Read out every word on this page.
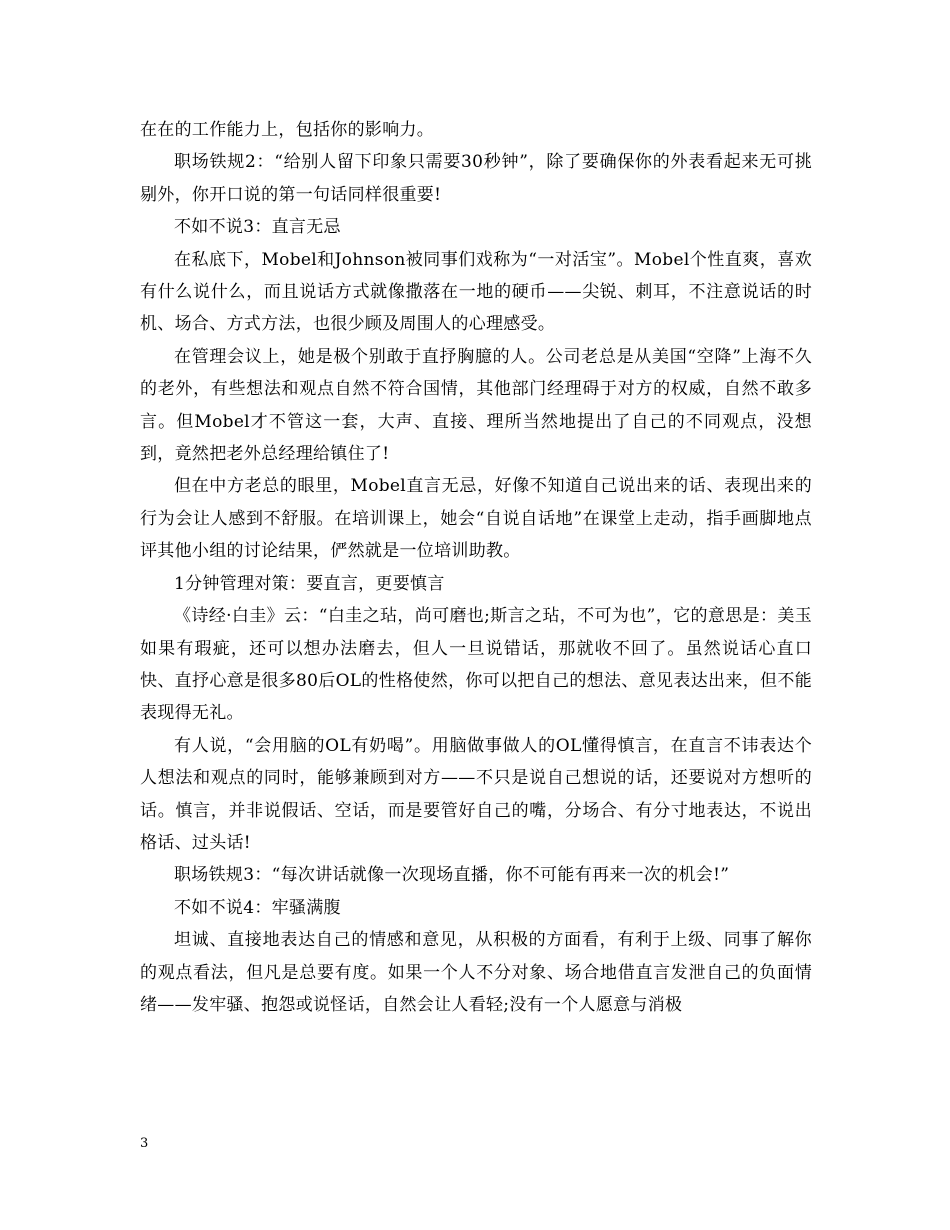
在在的工作能力上，包括你的影响力。

职场铁规2：“给别人留下印象只需要30秒钟”，除了要确保你的外表看起来无可挑剔外，你开口说的第一句话同样很重要!

不如不说3：直言无忌

在私底下，Mobel和Johnson被同事们戏称为“一对活宝”。Mobel个性直爽，喜欢有什么说什么，而且说话方式就像撒落在一地的硬币——尖锐、刺耳，不注意说话的时机、场合、方式方法，也很少顾及周围人的心理感受。

在管理会议上，她是极个别敢于直抒胸臆的人。公司老总是从美国“空降”上海不久的老外，有些想法和观点自然不符合国情，其他部门经理碍于对方的权威，自然不敢多言。但Mobel才不管这一套，大声、直接、理所当然地提出了自己的不同观点，没想到，竟然把老外总经理给镇住了!

但在中方老总的眼里，Mobel直言无忌，好像不知道自己说出来的话、表现出来的行为会让人感到不舒服。在培训课上，她会“自说自话地”在课堂上走动，指手画脚地点评其他小组的讨论结果，俨然就是一位培训助教。

1分钟管理对策：要直言，更要慎言

《诗经·白圭》云：“白圭之玷，尚可磨也;斯言之玷，不可为也”，它的意思是：美玉如果有瑕疵，还可以想办法磨去，但人一旦说错话，那就收不回了。虽然说话心直口快、直抒心意是很多80后OL的性格使然，你可以把自己的想法、意见表达出来，但不能表现得无礼。

有人说，“会用脑的OL有奶喝”。用脑做事做人的OL懂得慎言，在直言不讳表达个人想法和观点的同时，能够兼顾到对方——不只是说自己想说的话，还要说对方想听的话。慎言，并非说假话、空话，而是要管好自己的嘴，分场合、有分寸地表达，不说出格话、过头话!

职场铁规3：“每次讲话就像一次现场直播，你不可能有再来一次的机会!”

不如不说4：牢骚满腹

坦诚、直接地表达自己的情感和意见，从积极的方面看，有利于上级、同事了解你的观点看法，但凡是总要有度。如果一个人不分对象、场合地借直言发泄自己的负面情绪——发牢骚、抱怨或说怪话，自然会让人看轻;没有一个人愿意与消极

3
